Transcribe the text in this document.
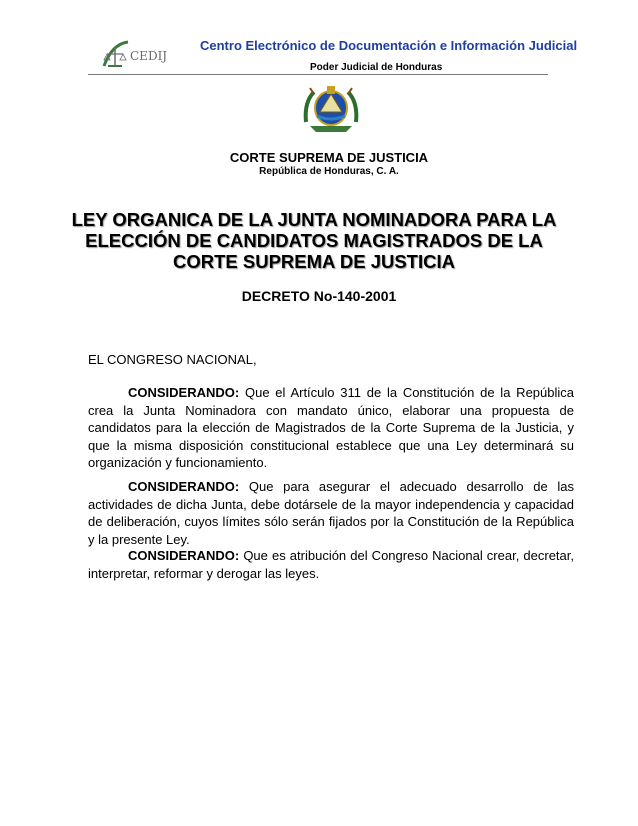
CEDIJ
Centro Electrónico de Documentación e Información Judicial
Poder Judicial de Honduras
CORTE SUPREMA DE JUSTICIA
República de Honduras, C. A.
LEY ORGANICA DE LA JUNTA NOMINADORA PARA LA ELECCIÓN DE CANDIDATOS MAGISTRADOS DE LA CORTE SUPREMA DE JUSTICIA
DECRETO No-140-2001
EL CONGRESO NACIONAL,
CONSIDERANDO: Que el Artículo 311 de la Constitución de la República crea la Junta Nominadora con mandato único, elaborar una propuesta de candidatos para la elección de Magistrados de la Corte Suprema de la Justicia, y que la misma disposición constitucional establece que una Ley determinará su organización y funcionamiento.
CONSIDERANDO: Que para asegurar el adecuado desarrollo de las actividades de dicha Junta, debe dotársele de la mayor independencia y capacidad de deliberación, cuyos límites sólo serán fijados por la Constitución de la República y la presente Ley.
CONSIDERANDO: Que es atribución del Congreso Nacional crear, decretar, interpretar, reformar y derogar las leyes.
